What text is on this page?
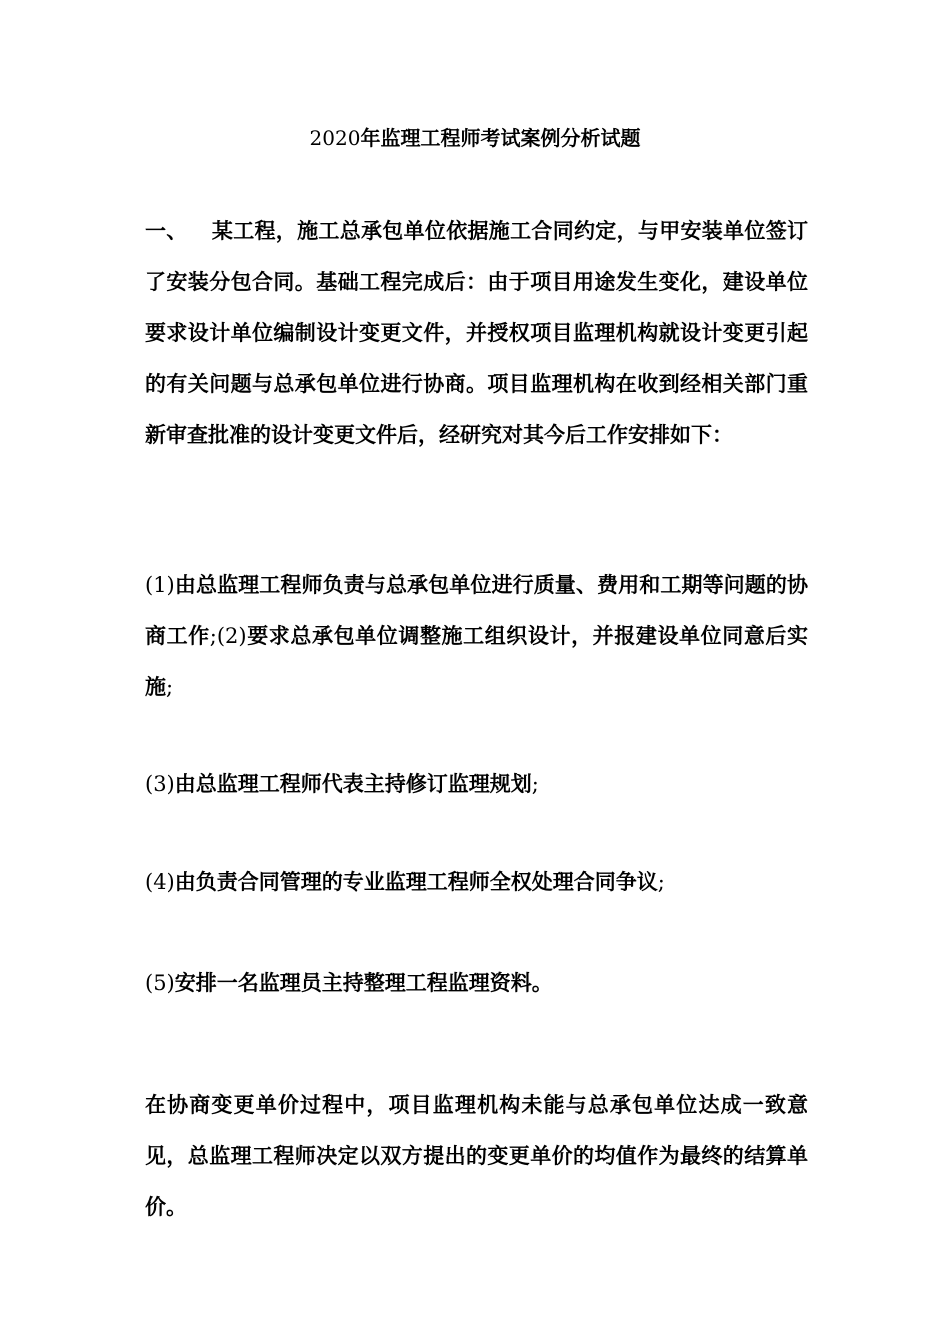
2020年监理工程师考试案例分析试题

一、 某工程，施工总承包单位依据施工合同约定，与甲安装单位签订了安装分包合同。基础工程完成后：由于项目用途发生变化，建设单位要求设计单位编制设计变更文件，并授权项目监理机构就设计变更引起的有关问题与总承包单位进行协商。项目监理机构在收到经相关部门重新审查批准的设计变更文件后，经研究对其今后工作安排如下：

(1)由总监理工程师负责与总承包单位进行质量、费用和工期等问题的协商工作;(2)要求总承包单位调整施工组织设计，并报建设单位同意后实施;

(3)由总监理工程师代表主持修订监理规划;

(4)由负责合同管理的专业监理工程师全权处理合同争议;

(5)安排一名监理员主持整理工程监理资料。

在协商变更单价过程中，项目监理机构未能与总承包单位达成一致意见，总监理工程师决定以双方提出的变更单价的均值作为最终的结算单价。
